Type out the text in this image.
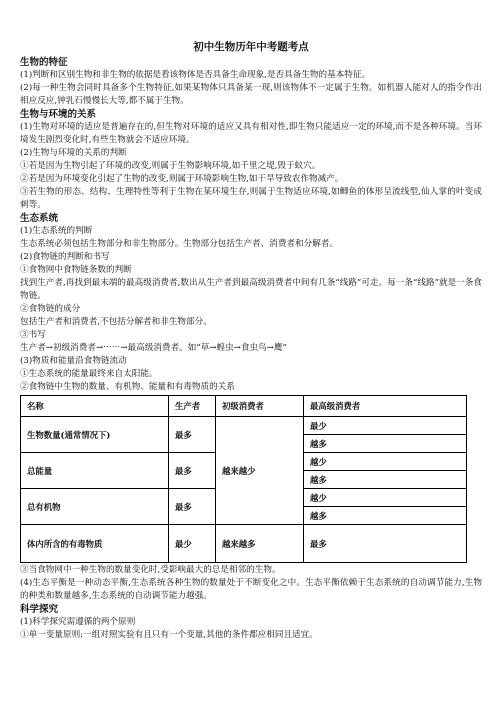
初中生物历年中考题考点
生物的特征
(1)判断和区别生物和非生物的依据是看该物体是否具备生命现象,是否具备生物的基本特征。
(2)每一种生物会同时具备多个生物特征,如果某物体只具备某一现,则该物体不一定属于生物。如机器人能对人的指令作出相应反应,钟乳石慢慢长大等,都不属于生物。
生物与环境的关系
(1)生物对环境的适应是普遍存在的,但生物对环境的适应又具有相对性,即生物只能适应一定的环境,而不是各种环境。当环境发生剧烈变化时,有些生物就会不适应环境。
(2)生物与环境的关系的判断
①若是因为生物引起了环境的改变,则属于生物影响环境,如千里之堤,毁于蚁穴。
②若是因为环境变化引起了生物的改变,则属于环境影响生物,如干旱导致农作物减产。
③若生物的形态、结构、生理特性等利于生物在某环境生存,则属于生物适应环境,如鲫鱼的体形呈流线型,仙人掌的叶变成刺等。
生态系统
(1)生态系统的判断
生态系统必须包括生物部分和非生物部分。生物部分包括生产者、消费者和分解者。
(2)食物链的判断和书写
①食物网中食物链条数的判断
找到生产者,再找到最末端的最高级消费者,数出从生产者到最高级消费者中间有几条“线路”可走。每一条“线路”就是一条食物链。
②食物链的成分
包括生产者和消费者,不包括分解者和非生物部分。
③书写
生产者→初级消费者→⋯⋯→最高级消费者。如“草→蝗虫→食虫鸟→鹰”
(3)物质和能量沿食物链流动
①生态系统的能量最终来自太阳能。
②食物链中生物的数量、有机物、能量和有毒物质的关系
名称	生产者	初级消费者	最高级消费者
生物数量(通常情况下)	最多	越来越少	最少
			越多
总能量	最多		越少
			越多
总有机物	最多		越少
			越多
体内所含的有毒物质	最少	越来越多	最多
③当食物网中一种生物的数量变化时,受影响最大的总是相邻的生物。
(4)生态平衡是一种动态平衡,生态系统各种生物的数量处于不断变化之中。生态平衡依赖于生态系统的自动调节能力,生物的种类和数量越多,生态系统的自动调节能力越强。
科学探究
(1)科学探究需遵循的两个原则
①单一变量原则:一组对照实验有且只有一个变量,其他的条件都应相同且适宜。
